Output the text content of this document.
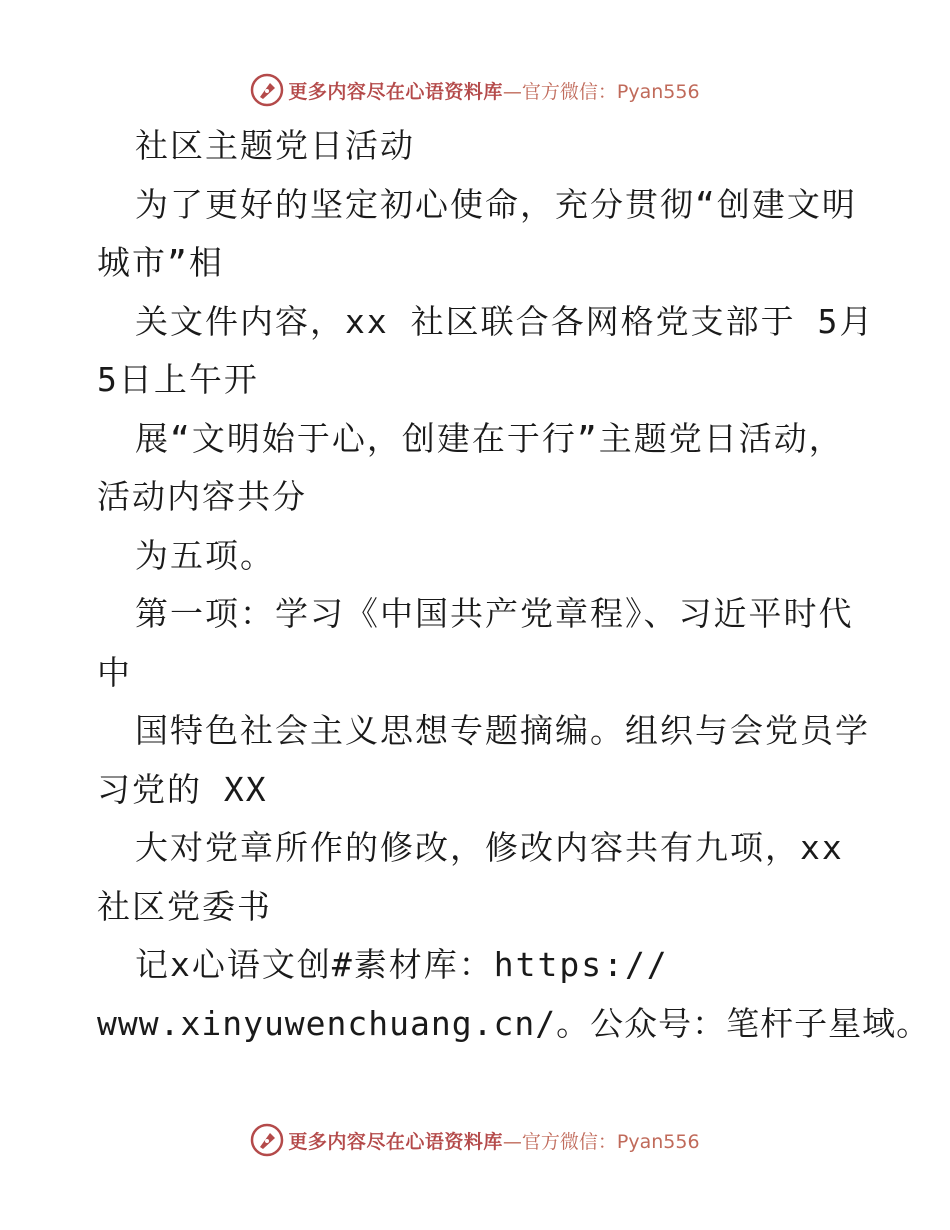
更多内容尽在心语资料库 —官方微信：Pyan556
社区主题党日活动
为了更好的坚定初心使命，充分贯彻“创建文明
城市”相
关文件内容，xx 社区联合各网格党支部于 5月
5日上午开
展“文明始于心，创建在于行”主题党日活动，
活动内容共分
为五项。
第一项：学习《中国共产党章程》、习近平时代
中
国特色社会主义思想专题摘编。组织与会党员学
习党的 XX
大对党章所作的修改，修改内容共有九项，xx
社区党委书
记x心语文创#素材库：https://
www.xinyuwenchuang.cn/。公众号：笔杆子星域。
更多内容尽在心语资料库 —官方微信：Pyan556
